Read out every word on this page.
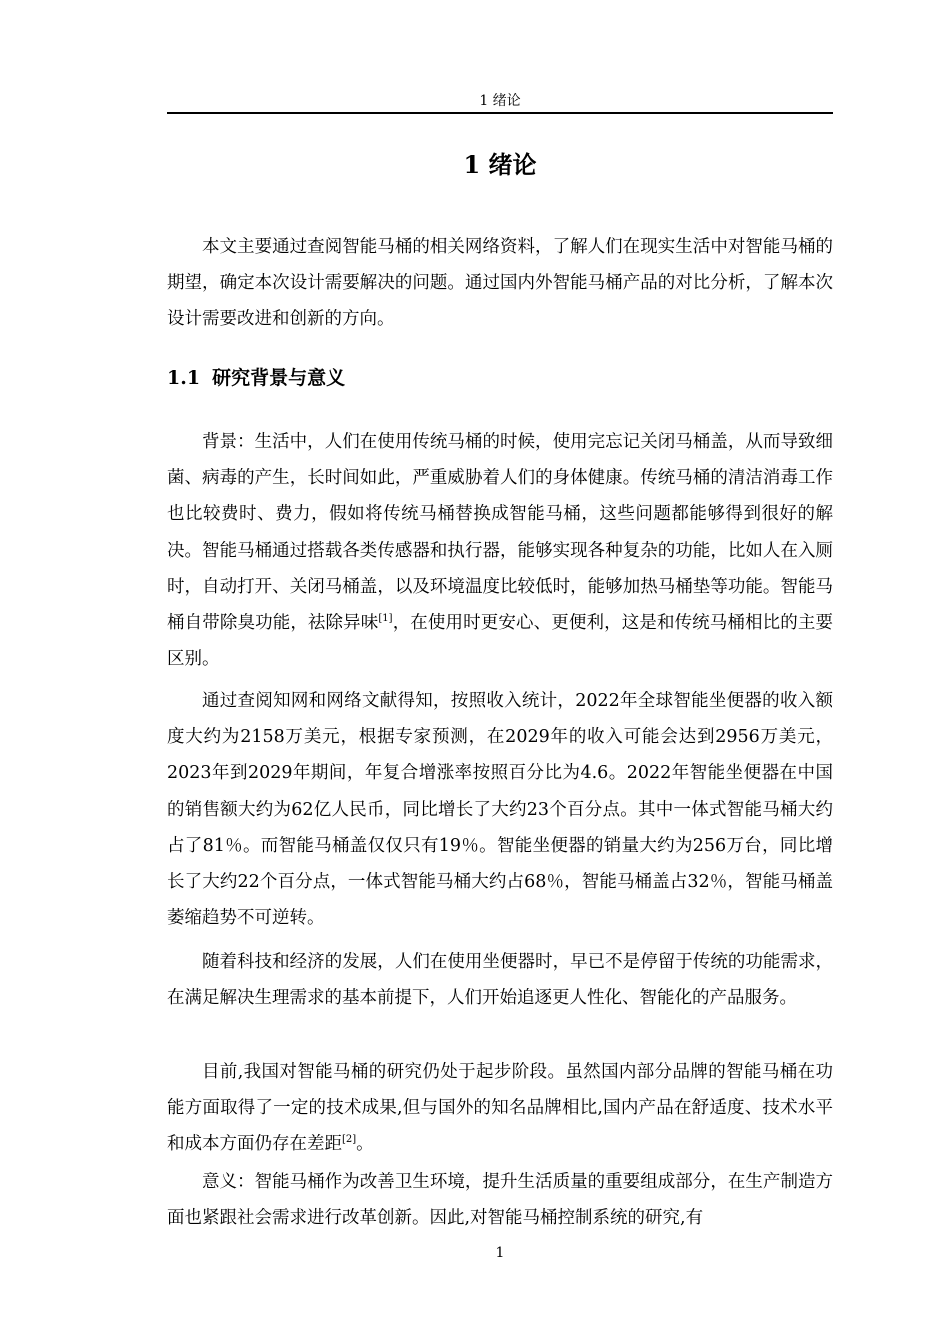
1 绪论
1 绪论

本文主要通过查阅智能马桶的相关网络资料，了解人们在现实生活中对智能马桶的期望，确定本次设计需要解决的问题。通过国内外智能马桶产品的对比分析，了解本次设计需要改进和创新的方向。

1.1 研究背景与意义

背景：生活中，人们在使用传统马桶的时候，使用完忘记关闭马桶盖，从而导致细菌、病毒的产生，长时间如此，严重威胁着人们的身体健康。传统马桶的清洁消毒工作也比较费时、费力，假如将传统马桶替换成智能马桶，这些问题都能够得到很好的解决。智能马桶通过搭载各类传感器和执行器，能够实现各种复杂的功能，比如人在入厕时，自动打开、关闭马桶盖，以及环境温度比较低时，能够加热马桶垫等功能。智能马桶自带除臭功能，祛除异味[1]，在使用时更安心、更便利，这是和传统马桶相比的主要区别。

通过查阅知网和网络文献得知，按照收入统计，2022年全球智能坐便器的收入额度大约为2158万美元，根据专家预测，在2029年的收入可能会达到2956万美元，2023年到2029年期间，年复合增涨率按照百分比为4.6。2022年智能坐便器在中国的销售额大约为62亿人民币，同比增长了大约23个百分点。其中一体式智能马桶大约占了81％。而智能马桶盖仅仅只有19％。智能坐便器的销量大约为256万台，同比增长了大约22个百分点，一体式智能马桶大约占68％，智能马桶盖占32％，智能马桶盖萎缩趋势不可逆转。

随着科技和经济的发展，人们在使用坐便器时，早已不是停留于传统的功能需求，在满足解决生理需求的基本前提下，人们开始追逐更人性化、智能化的产品服务。

目前,我国对智能马桶的研究仍处于起步阶段。虽然国内部分品牌的智能马桶在功能方面取得了一定的技术成果,但与国外的知名品牌相比,国内产品在舒适度、技术水平和成本方面仍存在差距[2]。

意义：智能马桶作为改善卫生环境，提升生活质量的重要组成部分，在生产制造方面也紧跟社会需求进行改革创新。因此,对智能马桶控制系统的研究,有

1
